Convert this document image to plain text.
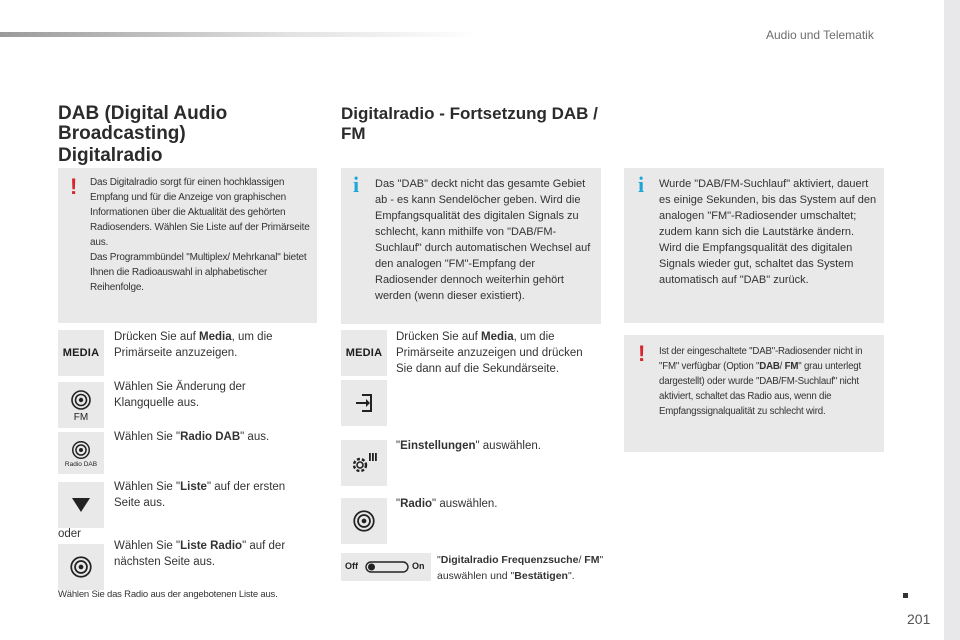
Audio und Telematik
DAB (Digital Audio Broadcasting)
Digitalradio
! Das Digitalradio sorgt für einen hochklassigen Empfang und für die Anzeige von graphischen Informationen über die Aktualität des gehörten Radiosenders. Wählen Sie Liste auf der Primärseite aus.
Das Programmbündel "Multiplex/ Mehrkanal" bietet Ihnen die Radioauswahl in alphabetischer Reihenfolge.
MEDIA
Drücken Sie auf Media, um die Primärseite anzuzeigen.
FM
Wählen Sie Änderung der Klangquelle aus.
Radio DAB
Wählen Sie "Radio DAB" aus.
Wählen Sie "Liste" auf der ersten Seite aus.
oder
Wählen Sie "Liste Radio" auf der nächsten Seite aus.
Wählen Sie das Radio aus der angebotenen Liste aus.
Digitalradio - Fortsetzung DAB / FM
i Das "DAB" deckt nicht das gesamte Gebiet ab - es kann Sendelöcher geben. Wird die Empfangsqualität des digitalen Signals zu schlecht, kann mithilfe von "DAB/FM-Suchlauf" durch automatischen Wechsel auf den analogen "FM"-Empfang der Radiosender dennoch weiterhin gehört werden (wenn dieser existiert).
MEDIA
Drücken Sie auf Media, um die Primärseite anzuzeigen und drücken Sie dann auf die Sekundärseite.
"Einstellungen" auswählen.
"Radio" auswählen.
Off	On "Digitalradio Frequenzsuche/ FM" auswählen und "Bestätigen".
i Wurde "DAB/FM-Suchlauf" aktiviert, dauert es einige Sekunden, bis das System auf den analogen "FM"-Radiosender umschaltet; zudem kann sich die Lautstärke ändern.
Wird die Empfangsqualität des digitalen Signals wieder gut, schaltet das System automatisch auf "DAB" zurück.
! Ist der eingeschaltete "DAB"-Radiosender nicht in "FM" verfügbar (Option "DAB/ FM" grau unterlegt dargestellt) oder wurde "DAB/FM-Suchlauf" nicht aktiviert, schaltet das Radio aus, wenn die Empfangssignalqualität zu schlecht wird.
201
